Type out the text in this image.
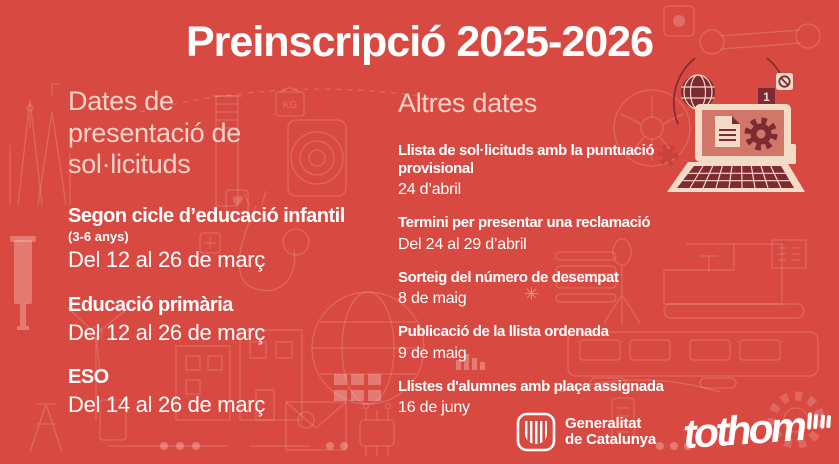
KG
✳
Preinscripció 2025-2026
Dates de presentació de sol·licituds
Segon cicle d’educació infantil
(3-6 anys)
Del 12 al 26 de març
Educació primària
Del 12 al 26 de març
ESO
Del 14 al 26 de març
Altres dates
Llista de sol·licituds amb la puntuació provisional
24 d’abril
Termini per presentar una reclamació
Del 24 al 29 d’abril
Sorteig del número de desempat
8 de maig
Publicació de la llista ordenada
9 de maig
Llistes d'alumnes amb plaça assignada
16 de juny
1
Generalitat
de Catalunya tothom
